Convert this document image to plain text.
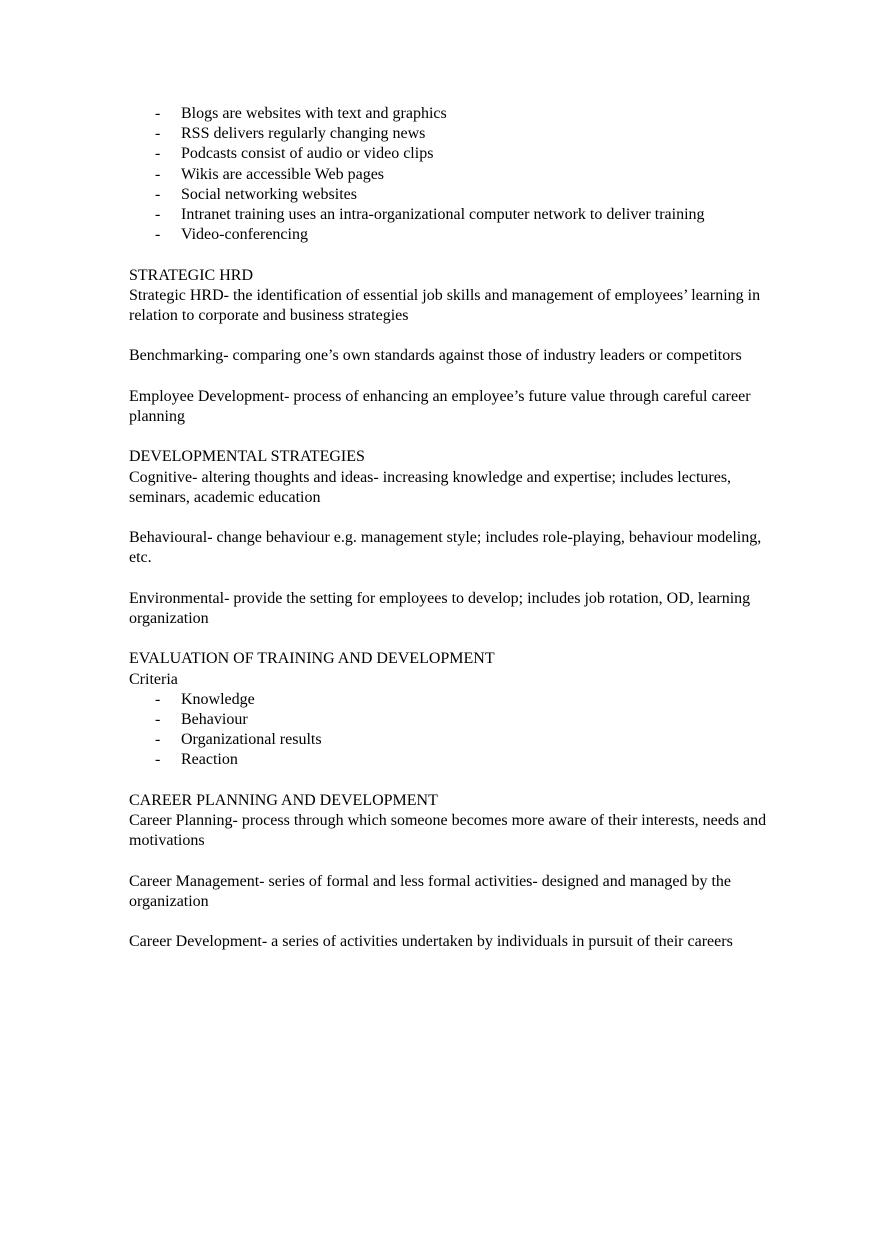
- Blogs are websites with text and graphics
- RSS delivers regularly changing news
- Podcasts consist of audio or video clips
- Wikis are accessible Web pages
- Social networking websites
- Intranet training uses an intra-organizational computer network to deliver training
- Video-conferencing

STRATEGIC HRD

Strategic HRD- the identification of essential job skills and management of employees’ learning in relation to corporate and business strategies

Benchmarking- comparing one’s own standards against those of industry leaders or competitors

Employee Development- process of enhancing an employee’s future value through careful career planning

DEVELOPMENTAL STRATEGIES

Cognitive- altering thoughts and ideas- increasing knowledge and expertise; includes lectures, seminars, academic education

Behavioural- change behaviour e.g. management style; includes role-playing, behaviour modeling, etc.

Environmental- provide the setting for employees to develop; includes job rotation, OD, learning organization

EVALUATION OF TRAINING AND DEVELOPMENT

Criteria

- Knowledge
- Behaviour
- Organizational results
- Reaction

CAREER PLANNING AND DEVELOPMENT

Career Planning- process through which someone becomes more aware of their interests, needs and motivations

Career Management- series of formal and less formal activities- designed and managed by the organization

Career Development- a series of activities undertaken by individuals in pursuit of their careers
